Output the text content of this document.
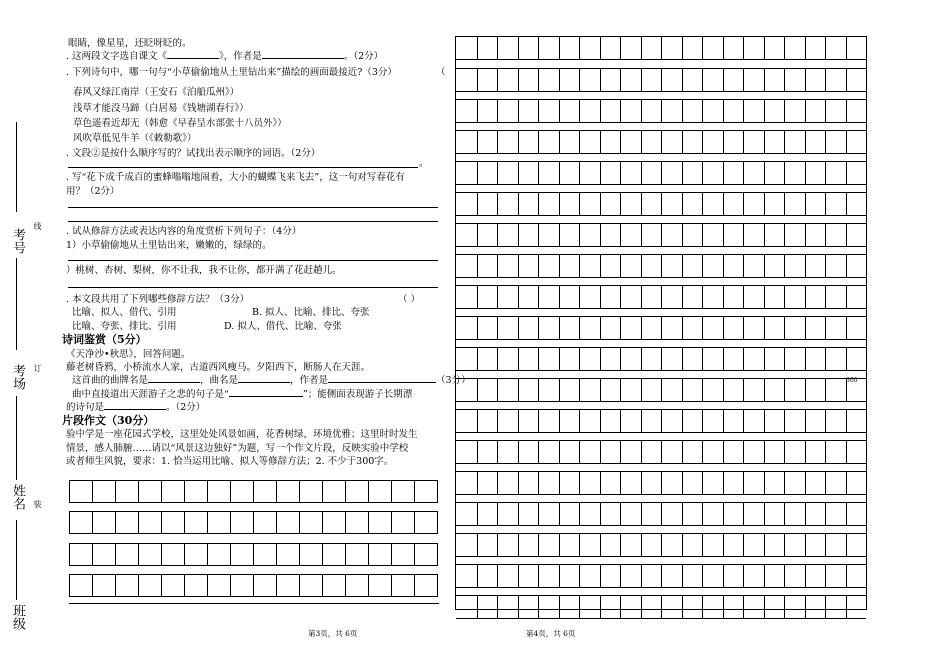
考号
线
考场 订
姓名 装
班级
眼睛，像星星，还眨呀眨的。
. 这两段文字选自课文《	》，作者是	。（2分）
. 下列诗句中，哪一句与“小草偷偷地从土里钻出来”描绘的画面最接近?（3分）	（
春风又绿江南岸（王安石《泊船瓜州》）
浅草才能没马蹄（白居易《钱塘湖春行》）
草色遥看近却无（韩愈《早春呈水部张十八员外》）
风吹草低见牛羊（《敕勒歌》）
. 文段②是按什么顺序写的？试找出表示顺序的词语。（2分）
。
. 写“花下成千成百的蜜蜂嗡嗡地闹着，大小的蝴蝶飞来飞去”，这一句对写春花有
用？（2分）
. 试从修辞方法或表达内容的角度赏析下列句子：（4分）
1）小草偷偷地从土里钻出来，嫩嫩的，绿绿的。
）桃树、杏树、梨树，你不让我，我不让你，都开满了花赶趟儿。
. 本文段共用了下列哪些修辞方法？（3分）	（ ）
比喻、拟人、借代、引用	B. 拟人、比喻、排比、夸张
比喻、夸张、排比、引用	D. 拟人、借代、比喻、夸张
诗词鉴赏（5分）
《天净沙•秋思》，回答问题。
藤老树昏鸦，小桥流水人家，古道西风瘦马。夕阳西下，断肠人在天涯。
这首曲的曲牌名是	，曲名是	，作者是	（3分）
曲中直接道出天涯游子之悲的句子是“	”；能侧面表现游子长期漂
的诗句是	。（2分）
片段作文（30分）
验中学是一座花园式学校，这里处处风景如画，花香树绿，环境优雅；这里时时发生
情景，感人肺腑……请以“风景这边独好”为题，写一个作文片段，反映实验中学校
或者师生风貌，要求：1. 恰当运用比喻、拟人等修辞方法；2. 不少于300字。
300
第3页，共 6页	第4页，共 6页
